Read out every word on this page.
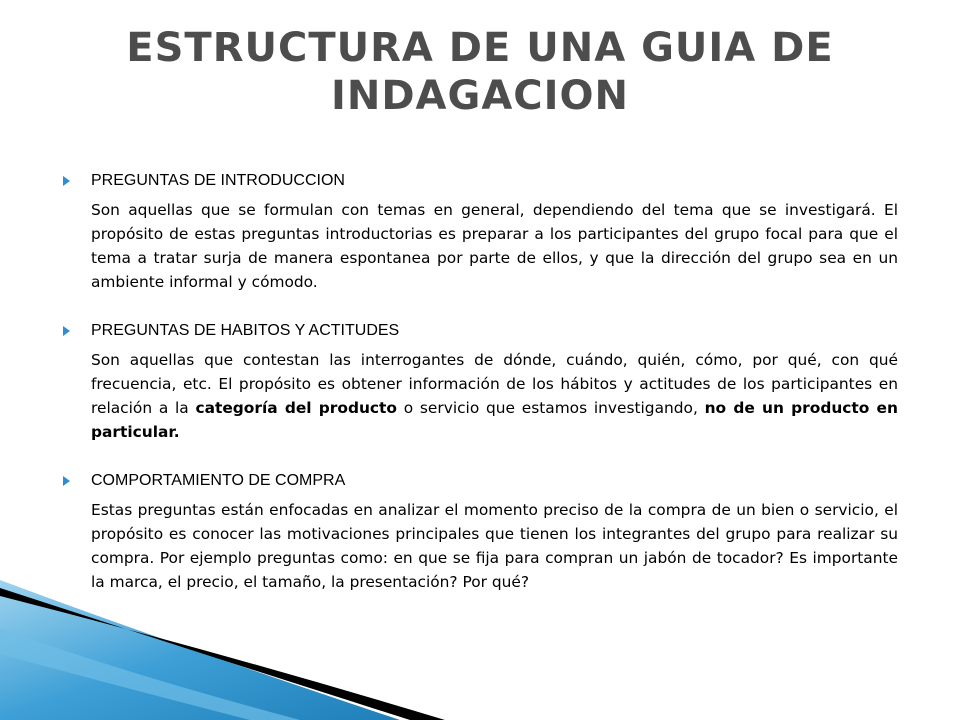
ESTRUCTURA DE UNA GUIA DE INDAGACION
PREGUNTAS DE INTRODUCCION
Son aquellas que se formulan con temas en general, dependiendo del tema que se investigará. El propósito de estas preguntas introductorias es preparar a los participantes del grupo focal para que el tema a tratar surja de manera espontanea por parte de ellos, y que la dirección del grupo sea en un ambiente informal y cómodo.
PREGUNTAS DE HABITOS Y ACTITUDES
Son aquellas que contestan las interrogantes de dónde, cuándo, quién, cómo, por qué, con qué frecuencia, etc. El propósito es obtener información de los hábitos y actitudes de los participantes en relación a la categoría del producto o servicio que estamos investigando, no de un producto en particular.
COMPORTAMIENTO DE COMPRA
Estas preguntas están enfocadas en analizar el momento preciso de la compra de un bien o servicio, el propósito es conocer las motivaciones principales que tienen los integrantes del grupo para realizar su compra. Por ejemplo preguntas como: en que se fija para compran un jabón de tocador? Es importante la marca, el precio, el tamaño, la presentación? Por qué?
